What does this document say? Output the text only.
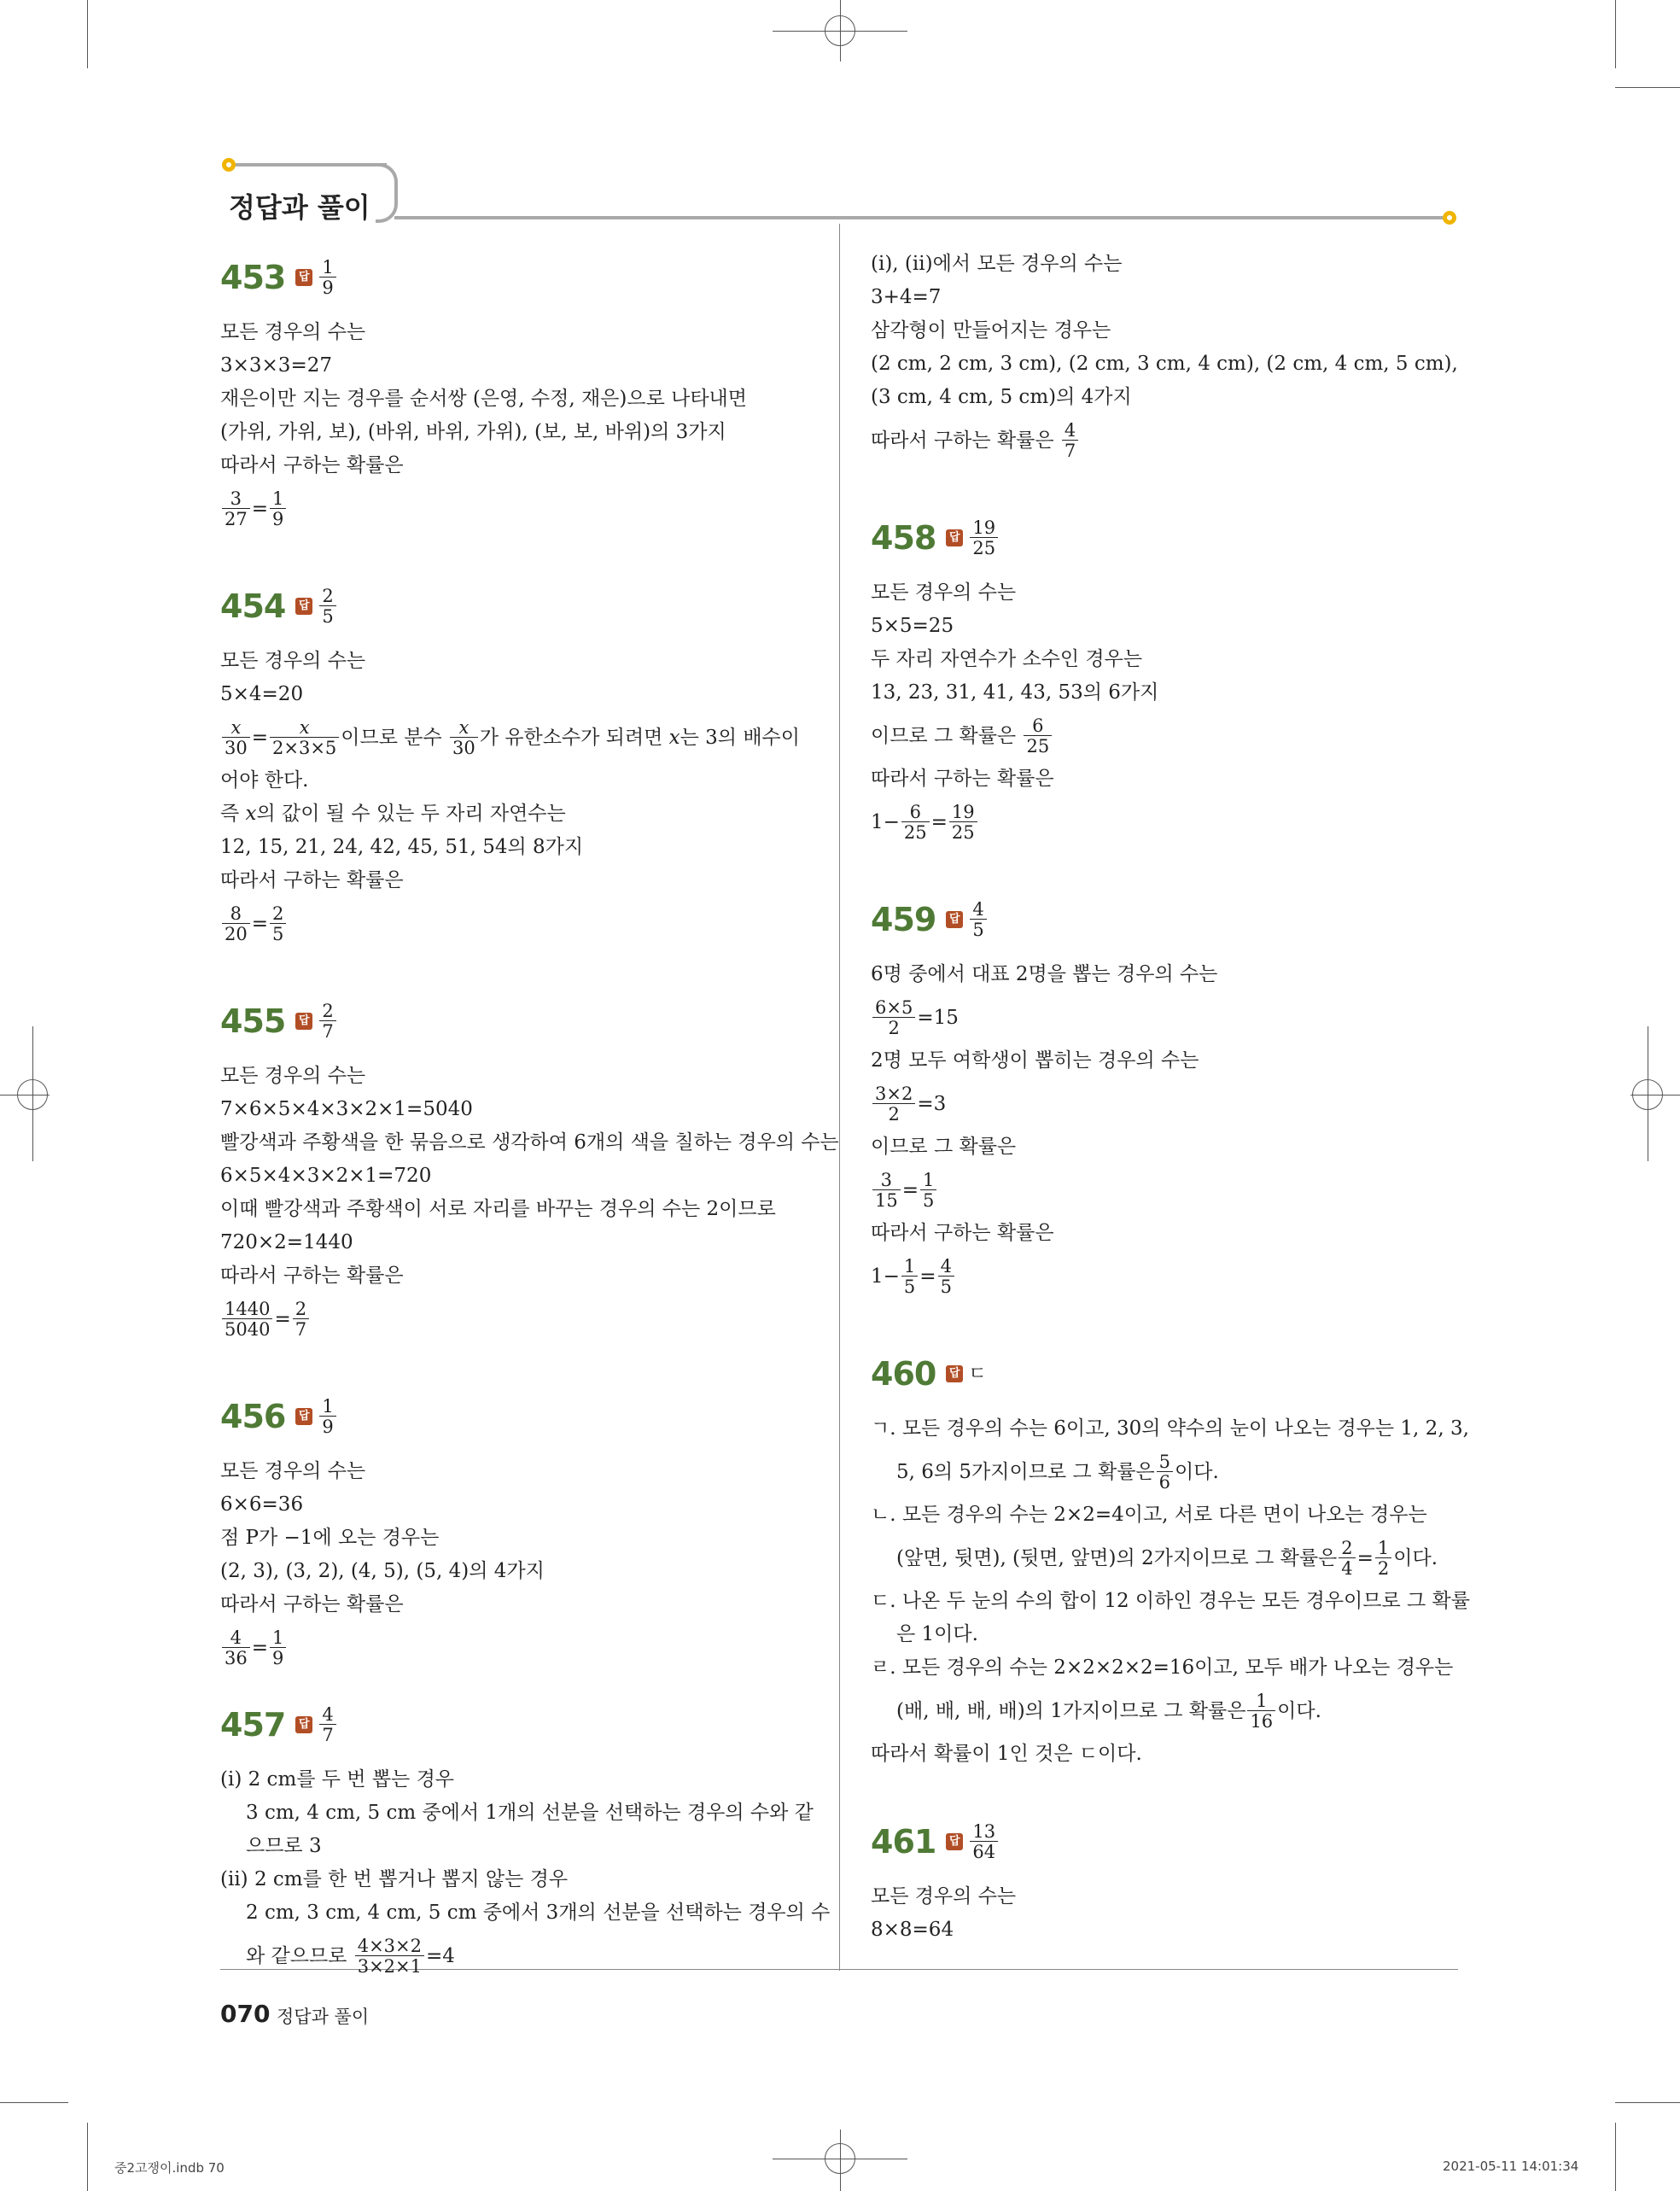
정답과 풀이
453 답 $\frac{1}{9}$
모든 경우의 수는
3×3×3=27
재은이만 지는 경우를 순서쌍 (은영, 수정, 재은)으로 나타내면
(가위, 가위, 보), (바위, 바위, 가위), (보, 보, 바위)의 3가지
따라서 구하는 확률은
$\frac{3}{27} = \frac{1}{9}$
454 답 $\frac{2}{5}$
모든 경우의 수는
5×4=20
$\frac{x}{30} = \frac{x}{2\times 3\times 5}$ 이므로 분수
$\frac{x}{30}$ 가 유한소수가 되려면
x 는 3의 배수이
어야 한다.
즉 x의 값이 될 수 있는 두 자리 자연수는
12, 15, 21, 24, 42, 45, 51, 54의 8가지
따라서 구하는 확률은
$\frac{8}{20} = \frac{2}{5}$
455 답 $\frac{2}{7}$
모든 경우의 수는
7×6×5×4×3×2×1=5040
빨강색과 주황색을 한 묶음으로 생각하여 6개의 색을 칠하는 경우의 수는
6×5×4×3×2×1=720
이때 빨강색과 주황색이 서로 자리를 바꾸는 경우의 수는 2이므로
720×2=1440
따라서 구하는 확률은
$\frac{1440}{5040} = \frac{2}{7}$
456 답 $\frac{1}{9}$
모든 경우의 수는
6×6=36
점 P가 −1에 오는 경우는
(2, 3), (3, 2), (4, 5), (5, 4)의 4가지
따라서 구하는 확률은
$\frac{4}{36} = \frac{1}{9}$
457 답 $\frac{4}{7}$
(ⅰ) 2 cm를 두 번 뽑는 경우
3 cm, 4 cm, 5 cm 중에서 1개의 선분을 선택하는 경우의 수와 같
으므로 3
(ⅱ) 2 cm를 한 번 뽑거나 뽑지 않는 경우
2 cm, 3 cm, 4 cm, 5 cm 중에서 3개의 선분을 선택하는 경우의 수
와 같으므로
$\frac{4\times 3\times 2}{3\times 2\times 1} =4$
(ⅰ), (ⅱ)에서 모든 경우의 수는
3+4=7
삼각형이 만들어지는 경우는
(2 cm, 2 cm, 3 cm), (2 cm, 3 cm, 4 cm), (2 cm, 4 cm, 5 cm),
(3 cm, 4 cm, 5 cm)의 4가지
따라서 구하는 확률은
$\frac{4}{7}$
458 답 $\frac{19}{25}$
모든 경우의 수는
5×5=25
두 자리 자연수가 소수인 경우는
13, 23, 31, 41, 43, 53의 6가지
이므로 그 확률은
$\frac{6}{25}$
따라서 구하는 확률은
$1- \frac{6}{25} = \frac{19}{25}$
459 답 $\frac{4}{5}$
6명 중에서 대표 2명을 뽑는 경우의 수는
$\frac{6\times 5}{2} =15$
2명 모두 여학생이 뽑히는 경우의 수는
$\frac{3\times 2}{2} =3$
이므로 그 확률은
$\frac{3}{15} = \frac{1}{5}$
따라서 구하는 확률은
$1- \frac{1}{5} = \frac{4}{5}$
460 답 ㄷ
ㄱ. 모든 경우의 수는 6이고, 30의 약수의 눈이 나오는 경우는 1, 2, 3,
5, 6의 5가지이므로 그 확률은 $\frac{5}{6}$ 이다.
ㄴ. 모든 경우의 수는 2×2=4이고, 서로 다른 면이 나오는 경우는
(앞면, 뒷면), (뒷면, 앞면)의 2가지이므로 그 확률은 $\frac{2}{4} = \frac{1}{2}$ 이다.
ㄷ. 나온 두 눈의 수의 합이 12 이하인 경우는 모든 경우이므로 그 확률
은 1이다.
ㄹ. 모든 경우의 수는 2×2×2×2=16이고, 모두 배가 나오는 경우는
(배, 배, 배, 배)의 1가지이므로 그 확률은 $\frac{1}{16}$ 이다.
따라서 확률이 1인 것은 ㄷ이다.
461 답 $\frac{13}{64}$
모든 경우의 수는
8×8=64
070 정답과 풀이
중2고쟁이.indb 70	2021-05-11 14:01:34
